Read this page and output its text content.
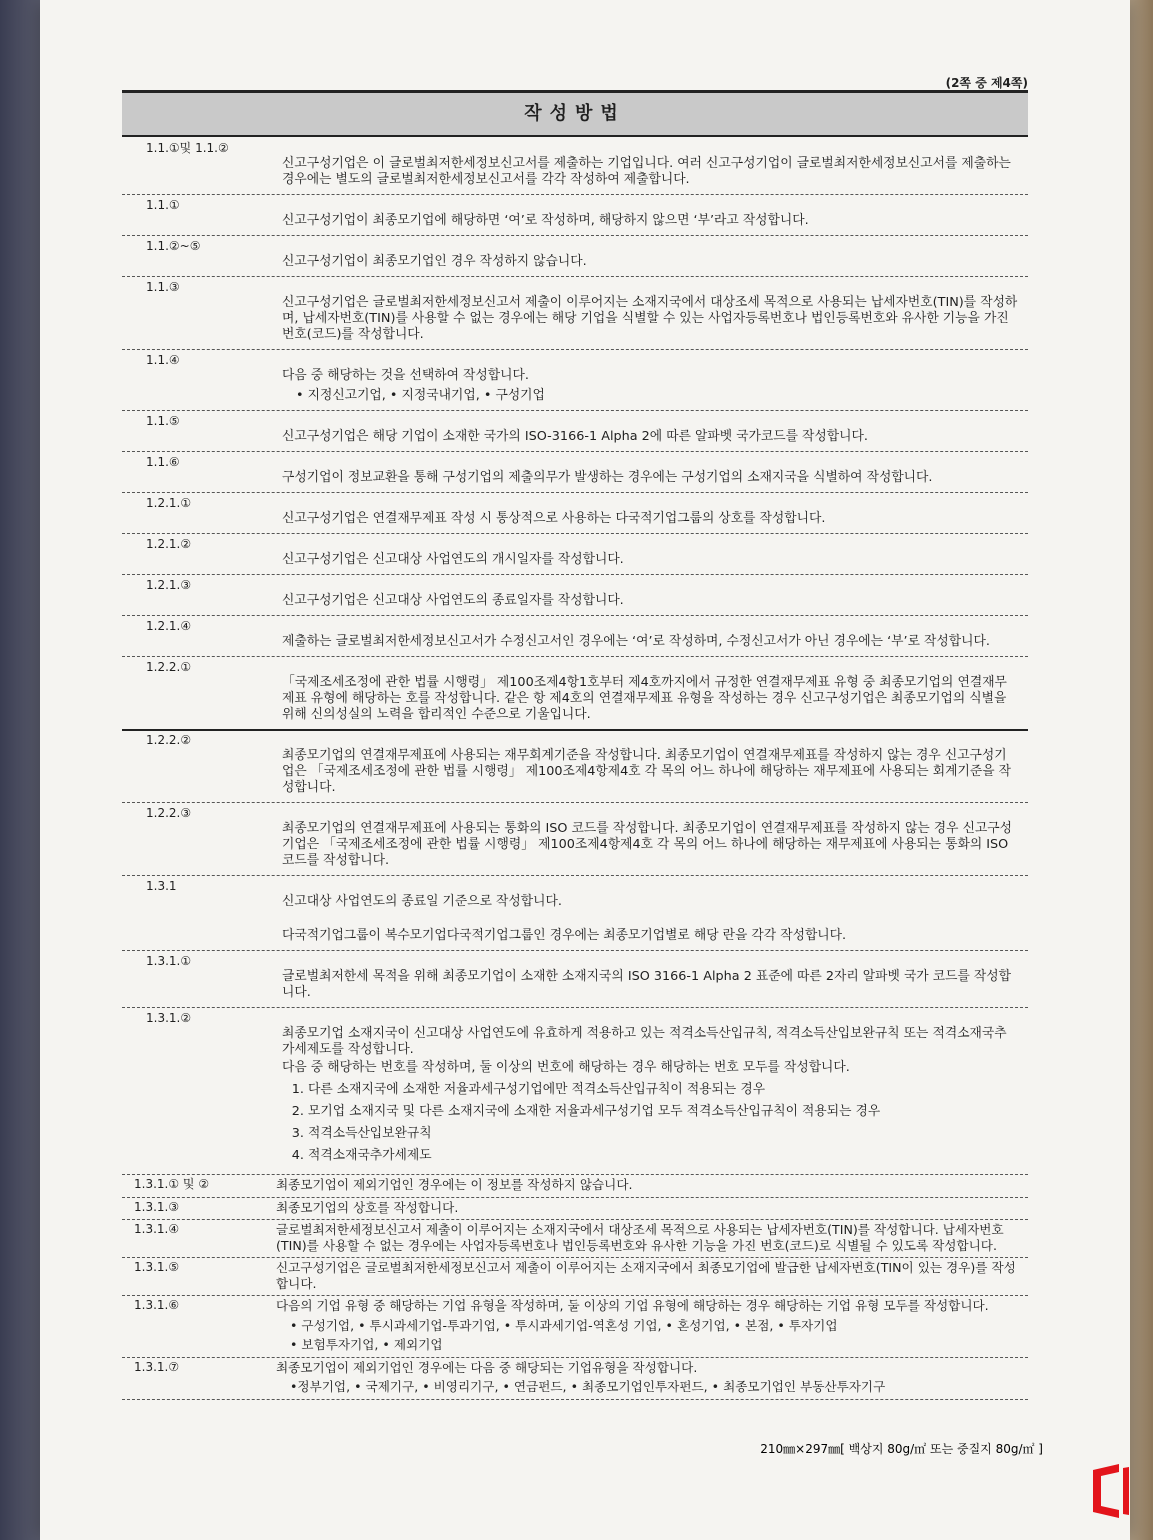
(2쪽 중 제4쪽)
작성방법
1.1.①및 1.1.②

신고구성기업은 이 글로벌최저한세정보신고서를 제출하는 기업입니다. 여러 신고구성기업이 글로벌최저한세정보신고서를 제출하는 경우에는 별도의 글로벌최저한세정보신고서를 각각 작성하여 제출합니다.

1.1.①

신고구성기업이 최종모기업에 해당하면 ‘여’로 작성하며, 해당하지 않으면 ‘부’라고 작성합니다.

1.1.②~⑤

신고구성기업이 최종모기업인 경우 작성하지 않습니다.

1.1.③

신고구성기업은 글로벌최저한세정보신고서 제출이 이루어지는 소재지국에서 대상조세 목적으로 사용되는 납세자번호(TIN)를 작성하며, 납세자번호(TIN)를 사용할 수 없는 경우에는 해당 기업을 식별할 수 있는 사업자등록번호나 법인등록번호와 유사한 기능을 가진 번호(코드)를 작성합니다.

1.1.④

다음 중 해당하는 것을 선택하여 작성합니다.

• 지정신고기업, • 지정국내기업, • 구성기업

1.1.⑤

신고구성기업은 해당 기업이 소재한 국가의 ISO-3166-1 Alpha 2에 따른 알파벳 국가코드를 작성합니다.

1.1.⑥

구성기업이 정보교환을 통해 구성기업의 제출의무가 발생하는 경우에는 구성기업의 소재지국을 식별하여 작성합니다.

1.2.1.①

신고구성기업은 연결재무제표 작성 시 통상적으로 사용하는 다국적기업그룹의 상호를 작성합니다.

1.2.1.②

신고구성기업은 신고대상 사업연도의 개시일자를 작성합니다.

1.2.1.③

신고구성기업은 신고대상 사업연도의 종료일자를 작성합니다.

1.2.1.④

제출하는 글로벌최저한세정보신고서가 수정신고서인 경우에는 ‘여’로 작성하며, 수정신고서가 아닌 경우에는 ‘부’로 작성합니다.

1.2.2.①

「국제조세조정에 관한 법률 시행령」 제100조제4항1호부터 제4호까지에서 규정한 연결재무제표 유형 중 최종모기업의 연결재무제표 유형에 해당하는 호를 작성합니다. 같은 항 제4호의 연결재무제표 유형을 작성하는 경우 신고구성기업은 최종모기업의 식별을 위해 신의성실의 노력을 합리적인 수준으로 기울입니다.

1.2.2.②

최종모기업의 연결재무제표에 사용되는 재무회계기준을 작성합니다. 최종모기업이 연결재무제표를 작성하지 않는 경우 신고구성기업은 「국제조세조정에 관한 법률 시행령」 제100조제4항제4호 각 목의 어느 하나에 해당하는 재무제표에 사용되는 회계기준을 작성합니다.

1.2.2.③

최종모기업의 연결재무제표에 사용되는 통화의 ISO 코드를 작성합니다. 최종모기업이 연결재무제표를 작성하지 않는 경우 신고구성기업은 「국제조세조정에 관한 법률 시행령」 제100조제4항제4호 각 목의 어느 하나에 해당하는 재무제표에 사용되는 통화의 ISO 코드를 작성합니다.

1.3.1

신고대상 사업연도의 종료일 기준으로 작성합니다.

다국적기업그룹이 복수모기업다국적기업그룹인 경우에는 최종모기업별로 해당 란을 각각 작성합니다.

1.3.1.①

글로벌최저한세 목적을 위해 최종모기업이 소재한 소재지국의 ISO 3166-1 Alpha 2 표준에 따른 2자리 알파벳 국가 코드를 작성합니다.

1.3.1.②

최종모기업 소재지국이 신고대상 사업연도에 유효하게 적용하고 있는 적격소득산입규칙, 적격소득산입보완규칙 또는 적격소재국추가세제도를 작성합니다.

다음 중 해당하는 번호를 작성하며, 둘 이상의 번호에 해당하는 경우 해당하는 번호 모두를 작성합니다.

1. 다른 소재지국에 소재한 저율과세구성기업에만 적격소득산입규칙이 적용되는 경우
2. 모기업 소재지국 및 다른 소재지국에 소재한 저율과세구성기업 모두 적격소득산입규칙이 적용되는 경우
3. 적격소득산입보완규칙
4. 적격소재국추가세제도
1.3.1.① 및 ②	최종모기업이 제외기업인 경우에는 이 정보를 작성하지 않습니다.

1.3.1.③	최종모기업의 상호를 작성합니다.

1.3.1.④	글로벌최저한세정보신고서 제출이 이루어지는 소재지국에서 대상조세 목적으로 사용되는 납세자번호(TIN)를 작성합니다. 납세자번호(TIN)를 사용할 수 없는 경우에는 사업자등록번호나 법인등록번호와 유사한 기능을 가진 번호(코드)로 식별될 수 있도록 작성합니다.

1.3.1.⑤	신고구성기업은 글로벌최저한세정보신고서 제출이 이루어지는 소재지국에서 최종모기업에 발급한 납세자번호(TIN이 있는 경우)를 작성합니다.

1.3.1.⑥	다음의 기업 유형 중 해당하는 기업 유형을 작성하며, 둘 이상의 기업 유형에 해당하는 경우 해당하는 기업 유형 모두를 작성합니다.

• 구성기업, • 투시과세기업-투과기업, • 투시과세기업-역혼성 기업, • 혼성기업, • 본점, • 투자기업

• 보험투자기업, • 제외기업

1.3.1.⑦	최종모기업이 제외기업인 경우에는 다음 중 해당되는 기업유형을 작성합니다.

•정부기업, • 국제기구, • 비영리기구, • 연금펀드, • 최종모기업인투자펀드, • 최종모기업인 부동산투자기구

210㎜×297㎜[ 백상지 80g/㎡ 또는 중질지 80g/㎡ ]
